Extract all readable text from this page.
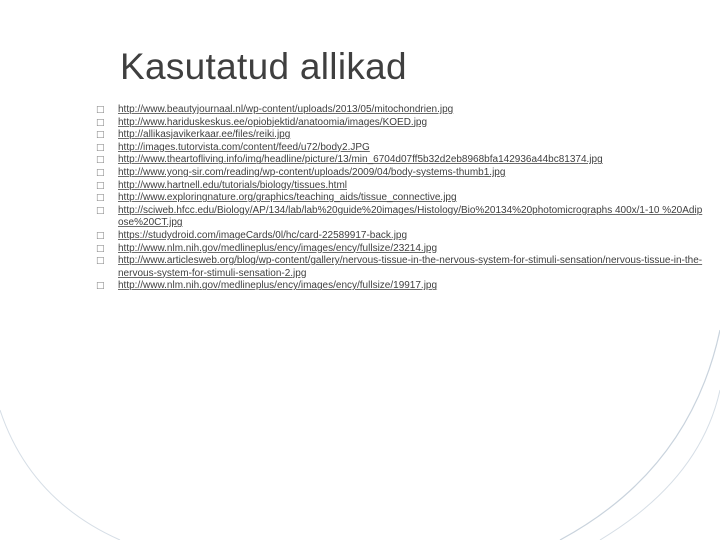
Kasutatud allikad
□	http://www.beautyjournaal.nl/wp-content/uploads/2013/05/mitochondrien.jpg
□	http://www.hariduskeskus.ee/opiobjektid/anatoomia/images/KOED.jpg
□	http://allikasjavikerkaar.ee/files/reiki.jpg
□	http://images.tutorvista.com/content/feed/u72/body2.JPG
□	http://www.theartofliving.info/img/headline/picture/13/min_6704d07ff5b32d2eb8968bfa142936a44bc81374.jpg
□	http://www.yong-sir.com/reading/wp-content/uploads/2009/04/body-systems-thumb1.jpg
□	http://www.hartnell.edu/tutorials/biology/tissues.html
□	http://www.exploringnature.org/graphics/teaching_aids/tissue_connective.jpg
□	http://sciweb.hfcc.edu/Biology/AP/134/lab/lab%20guide%20images/Histology/Bio%20134%20photomicrographs 400x/1-10 %20Adipose%20CT.jpg
□	https://studydroid.com/imageCards/0l/hc/card-22589917-back.jpg
□	http://www.nlm.nih.gov/medlineplus/ency/images/ency/fullsize/23214.jpg
□	http://www.articlesweb.org/blog/wp-content/gallery/nervous-tissue-in-the-nervous-system-for-stimuli-sensation/nervous-tissue-in-the-nervous-system-for-stimuli-sensation-2.jpg
□	http://www.nlm.nih.gov/medlineplus/ency/images/ency/fullsize/19917.jpg
